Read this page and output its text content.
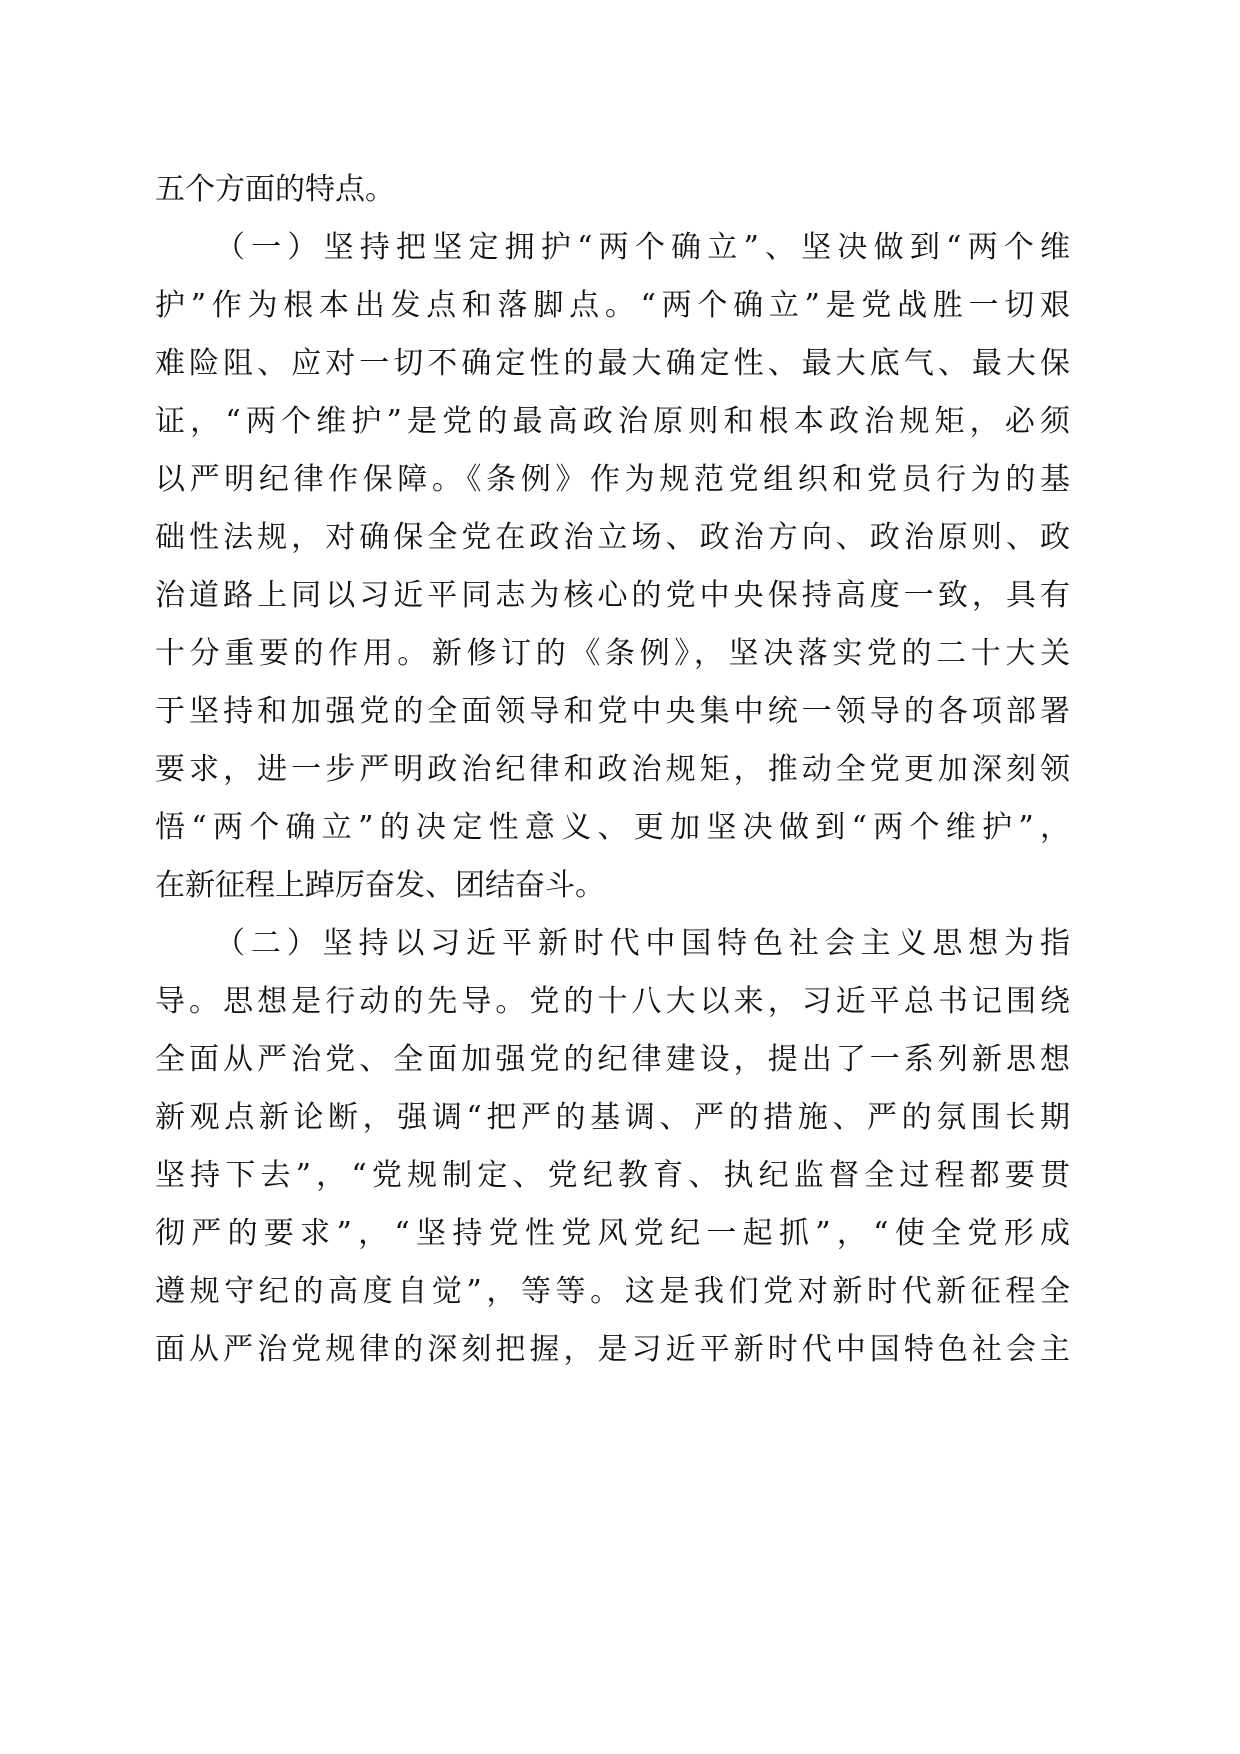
五个方面的特点。
（一）坚持把坚定拥护“两个确立”、坚决做到“两个维
护”作为根本出发点和落脚点。“两个确立”是党战胜一切艰
难险阻、应对一切不确定性的最大确定性、最大底气、最大保
证，“两个维护”是党的最高政治原则和根本政治规矩，必须
以严明纪律作保障。《条例》作为规范党组织和党员行为的基
础性法规，对确保全党在政治立场、政治方向、政治原则、政
治道路上同以习近平同志为核心的党中央保持高度一致，具有
十分重要的作用。新修订的《条例》，坚决落实党的二十大关
于坚持和加强党的全面领导和党中央集中统一领导的各项部署
要求，进一步严明政治纪律和政治规矩，推动全党更加深刻领
悟“两个确立”的决定性意义、更加坚决做到“两个维护”，
在新征程上踔厉奋发、团结奋斗。
（二）坚持以习近平新时代中国特色社会主义思想为指
导。思想是行动的先导。党的十八大以来，习近平总书记围绕
全面从严治党、全面加强党的纪律建设，提出了一系列新思想
新观点新论断，强调“把严的基调、严的措施、严的氛围长期
坚持下去”，“党规制定、党纪教育、执纪监督全过程都要贯
彻严的要求”，“坚持党性党风党纪一起抓”，“使全党形成
遵规守纪的高度自觉”，等等。这是我们党对新时代新征程全
面从严治党规律的深刻把握，是习近平新时代中国特色社会主
